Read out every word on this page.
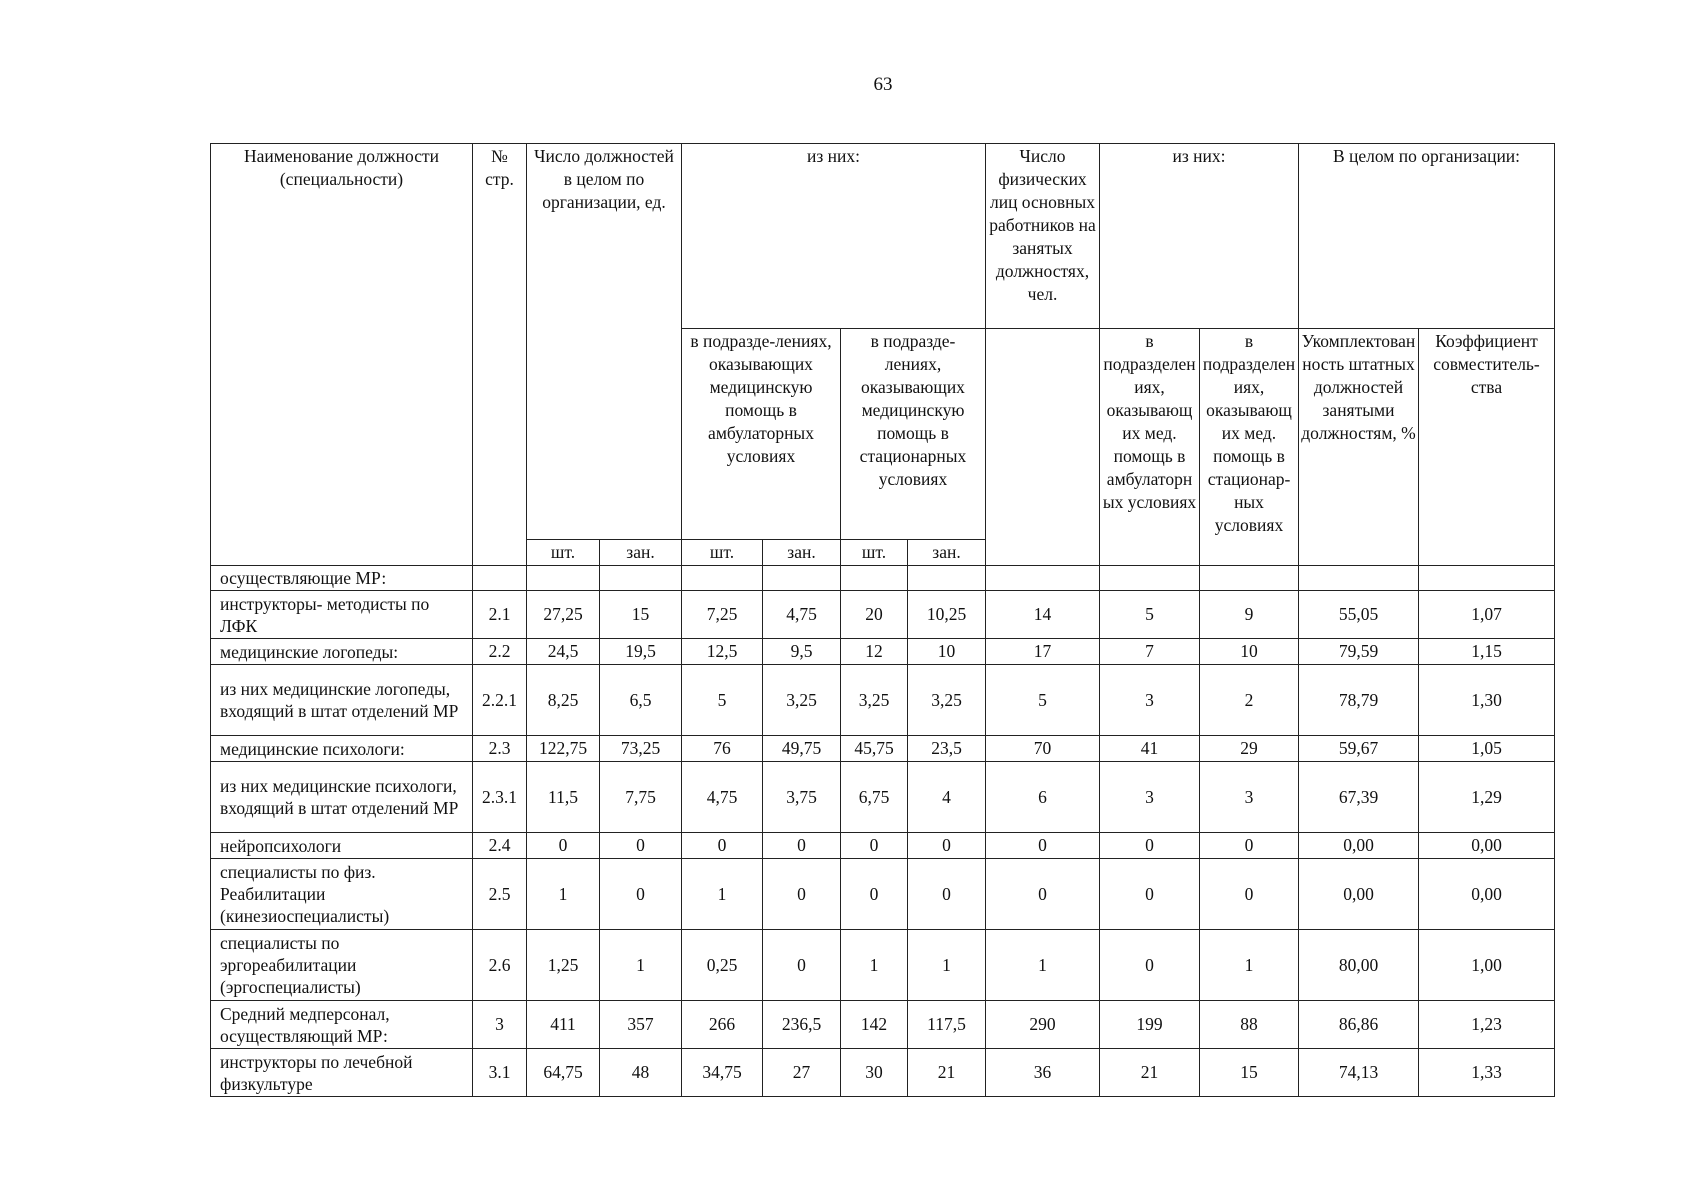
63
Наименование должности (специальности)	№ стр.	Число должностей в целом по организации, ед.		из них:				Число физических лиц основных работников на занятых должностях, чел.	из них:		В целом по организации:	
				в подразде-лениях, оказывающих медицинскую помощь в амбулаторных условиях		в подразде-лениях, оказывающих медицинскую помощь в стационарных условиях			в подразделениях, оказывающих мед. помощь в амбулаторных условиях	в подразделениях, оказывающих мед. помощь в стационар-ных условиях	Укомплектованность штатных должностей занятыми должностям, %	Коэффициент совместитель-ства
		шт.	зан.	шт.	зан.	шт.	зан.					
осуществляющие МР:												
инструкторы- методисты по ЛФК	2.1	27,25	15	7,25	4,75	20	10,25	14	5	9	55,05	1,07
медицинские логопеды:	2.2	24,5	19,5	12,5	9,5	12	10	17	7	10	79,59	1,15
из них медицинские логопеды, входящий в штат отделений МР	2.2.1	8,25	6,5	5	3,25	3,25	3,25	5	3	2	78,79	1,30
медицинские психологи:	2.3	122,75	73,25	76	49,75	45,75	23,5	70	41	29	59,67	1,05
из них медицинские психологи, входящий в штат отделений МР	2.3.1	11,5	7,75	4,75	3,75	6,75	4	6	3	3	67,39	1,29
нейропсихологи	2.4	0	0	0	0	0	0	0	0	0	0,00	0,00
специалисты по физ. Реабилитации (кинезиоспециалисты)	2.5	1	0	1	0	0	0	0	0	0	0,00	0,00
специалисты по эргореабилитации (эргоспециалисты)	2.6	1,25	1	0,25	0	1	1	1	0	1	80,00	1,00
Средний медперсонал, осуществляющий МР:	3	411	357	266	236,5	142	117,5	290	199	88	86,86	1,23
инструкторы по лечебной физкультуре	3.1	64,75	48	34,75	27	30	21	36	21	15	74,13	1,33
